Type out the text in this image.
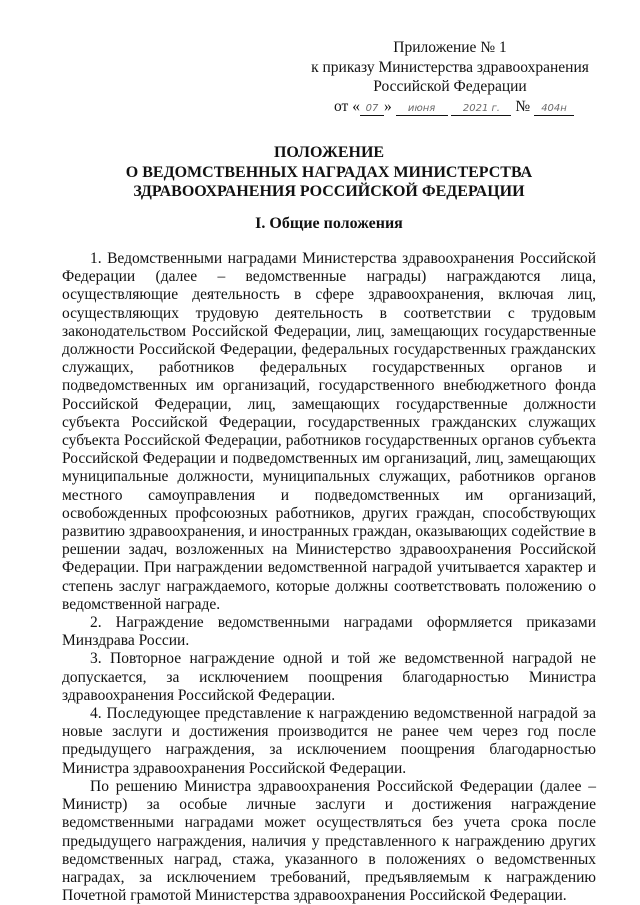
Приложение № 1
к приказу Министерства здравоохранения
Российской Федерации
от « 07 » июня	2021 г. № 404н
ПОЛОЖЕНИЕ
О ВЕДОМСТВЕННЫХ НАГРАДАХ МИНИСТЕРСТВА
ЗДРАВООХРАНЕНИЯ РОССИЙСКОЙ ФЕДЕРАЦИИ
I. Общие положения

1. Ведомственными наградами Министерства здравоохранения Российской Федерации (далее – ведомственные награды) награждаются лица, осуществляющие деятельность в сфере здравоохранения, включая лиц, осуществляющих трудовую деятельность в соответствии с трудовым законодательством Российской Федерации, лиц, замещающих государственные должности Российской Федерации, федеральных государственных гражданских служащих, работников федеральных государственных органов и подведомственных им организаций, государственного внебюджетного фонда Российской Федерации, лиц, замещающих государственные должности субъекта Российской Федерации, государственных гражданских служащих субъекта Российской Федерации, работников государственных органов субъекта Российской Федерации и подведомственных им организаций, лиц, замещающих муниципальные должности, муниципальных служащих, работников органов местного самоуправления и подведомственных им организаций, освобожденных профсоюзных работников, других граждан, способствующих развитию здравоохранения, и иностранных граждан, оказывающих содействие в решении задач, возложенных на Министерство здравоохранения Российской Федерации. При награждении ведомственной наградой учитывается характер и степень заслуг награждаемого, которые должны соответствовать положению о ведомственной награде.

2. Награждение ведомственными наградами оформляется приказами Минздрава России.

3. Повторное награждение одной и той же ведомственной наградой не допускается, за исключением поощрения благодарностью Министра здравоохранения Российской Федерации.

4. Последующее представление к награждению ведомственной наградой за новые заслуги и достижения производится не ранее чем через год после предыдущего награждения, за исключением поощрения благодарностью Министра здравоохранения Российской Федерации.

По решению Министра здравоохранения Российской Федерации (далее – Министр) за особые личные заслуги и достижения награждение ведомственными наградами может осуществляться без учета срока после предыдущего награждения, наличия у представленного к награждению других ведомственных наград, стажа, указанного в положениях о ведомственных наградах, за исключением требований, предъявляемым к награждению Почетной грамотой Министерства здравоохранения Российской Федерации.
